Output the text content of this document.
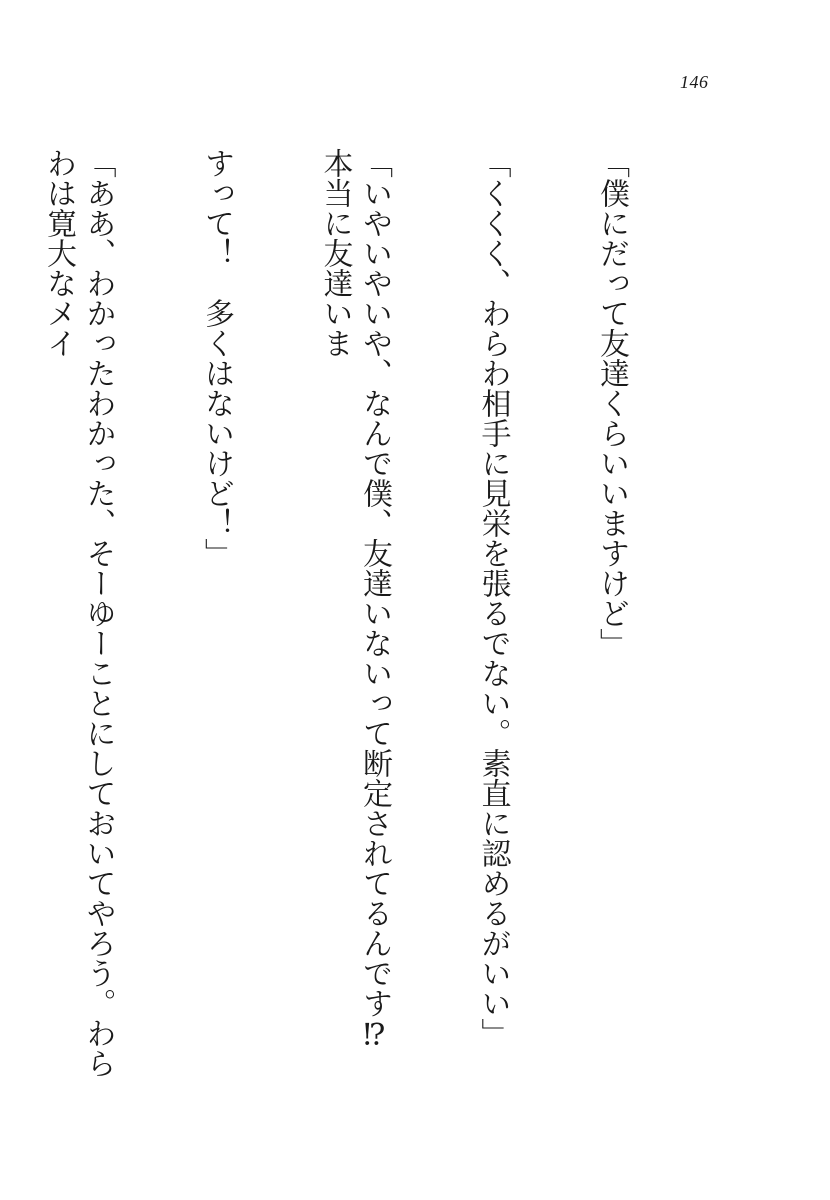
146

「僕にだって友達くらいいますけど」

「くくく、わらわ相手に見栄を張るでない。素直に認めるがいい」

「いやいやいや、なんで僕、友達いないって断定されてるんです⁉　本当に友達いま

すって！　多くはないけど！」

「ああ、わかったわかった、そーゆーことにしておいてやろう。わらわは寛大なメイ
